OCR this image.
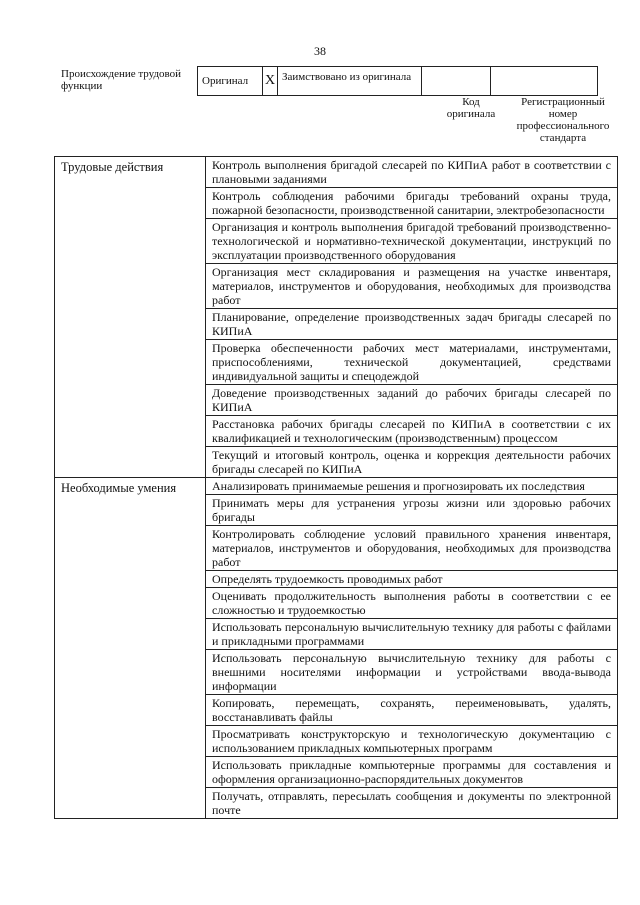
38
Происхождение трудовой функции	Оригинал	X	Заимствовано из оригинала		
Код оригинала
Регистрационный номер профессионального стандарта
Трудовые действия	Контроль выполнения бригадой слесарей по КИПиА работ в соответствии с плановыми заданиями
	Контроль соблюдения рабочими бригады требований охраны труда, пожарной безопасности, производственной санитарии, электробезопасности
	Организация и контроль выполнения бригадой требований производственно-технологической и нормативно-технической документации, инструкций по эксплуатации производственного оборудования
	Организация мест складирования и размещения на участке инвентаря, материалов, инструментов и оборудования, необходимых для производства работ
	Планирование, определение производственных задач бригады слесарей по КИПиА
	Проверка обеспеченности рабочих мест материалами, инструментами, приспособлениями, технической документацией, средствами индивидуальной защиты и спецодеждой
	Доведение производственных заданий до рабочих бригады слесарей по КИПиА
	Расстановка рабочих бригады слесарей по КИПиА в соответствии с их квалификацией и технологическим (производственным) процессом
	Текущий и итоговый контроль, оценка и коррекция деятельности рабочих бригады слесарей по КИПиА
Необходимые умения	Анализировать принимаемые решения и прогнозировать их последствия
	Принимать меры для устранения угрозы жизни или здоровью рабочих бригады
	Контролировать соблюдение условий правильного хранения инвентаря, материалов, инструментов и оборудования, необходимых для производства работ
	Определять трудоемкость проводимых работ
	Оценивать продолжительность выполнения работы в соответствии с ее сложностью и трудоемкостью
	Использовать персональную вычислительную технику для работы с файлами и прикладными программами
	Использовать персональную вычислительную технику для работы с внешними носителями информации и устройствами ввода-вывода информации
	Копировать, перемещать, сохранять, переименовывать, удалять, восстанавливать файлы
	Просматривать конструкторскую и технологическую документацию с использованием прикладных компьютерных программ
	Использовать прикладные компьютерные программы для составления и оформления организационно-распорядительных документов
	Получать, отправлять, пересылать сообщения и документы по электронной почте
